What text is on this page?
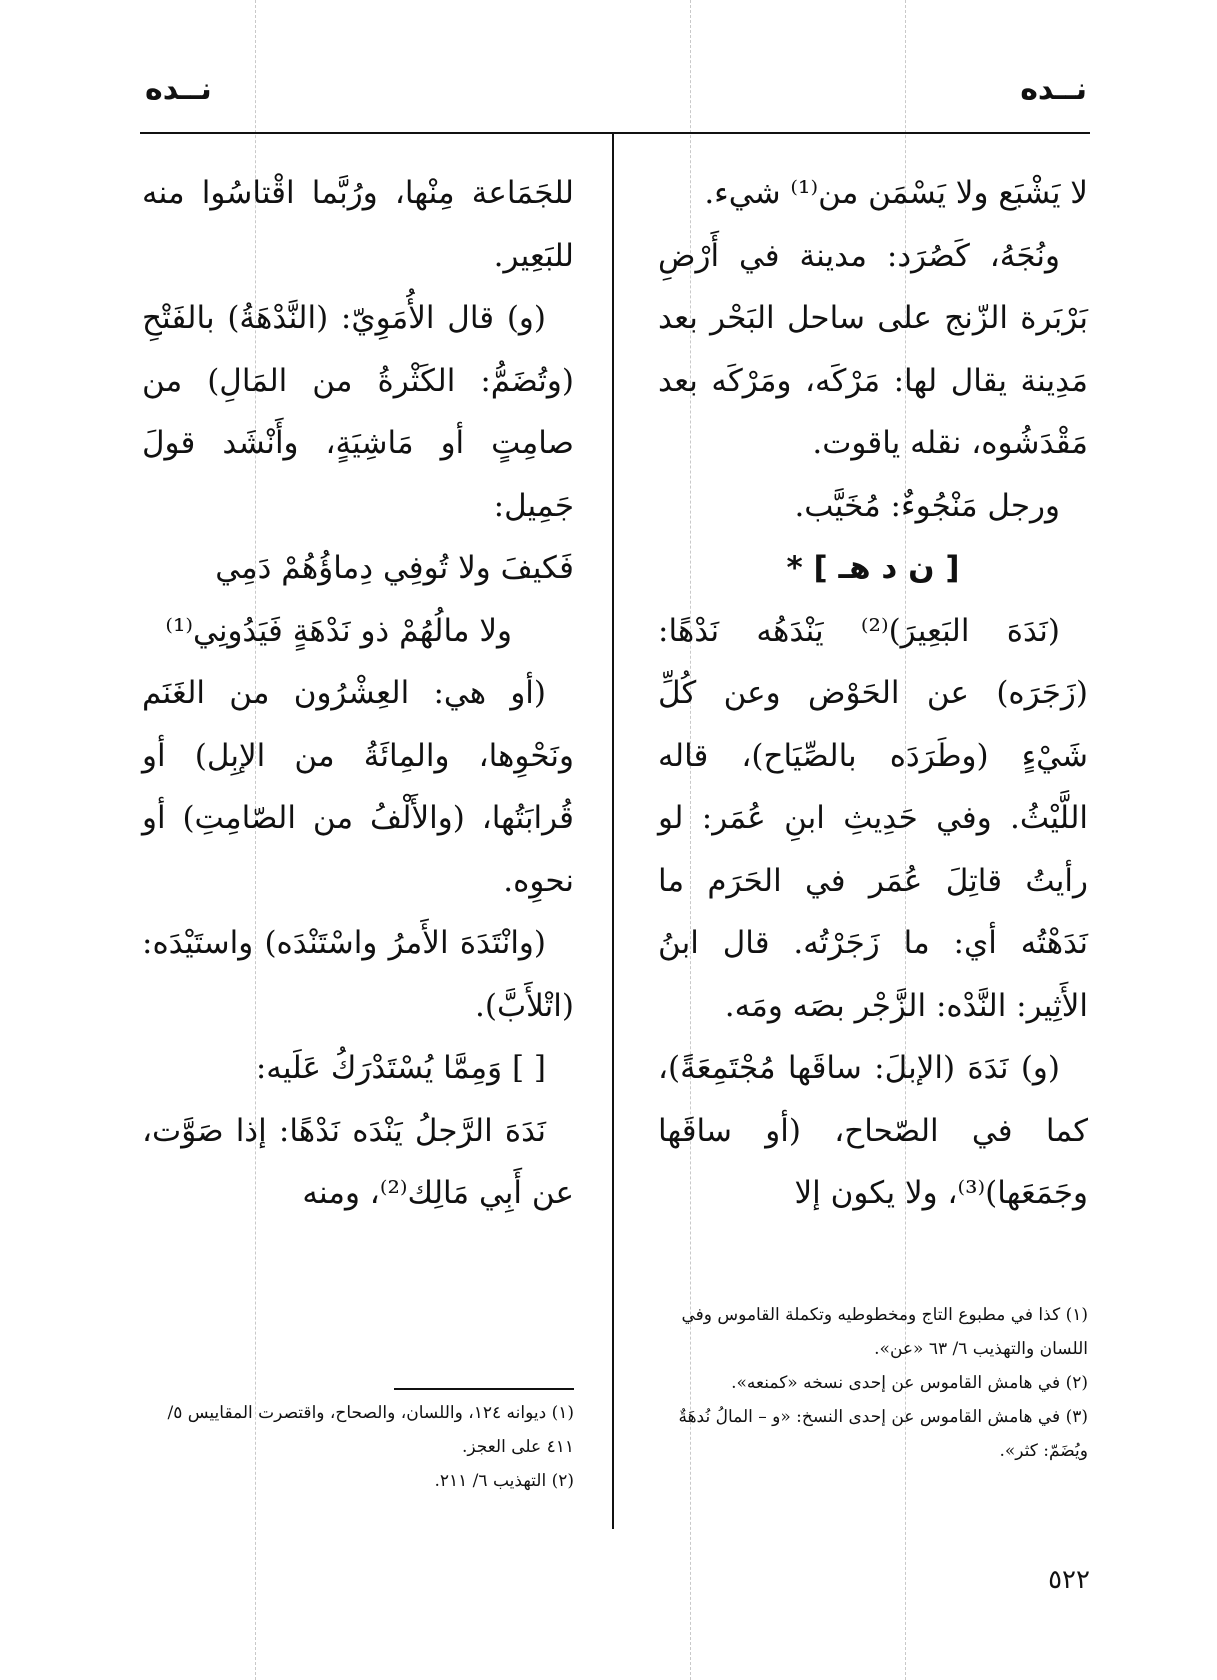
نــده
نــده

لا يَشْبَع ولا يَسْمَن من⁽¹⁾ شيء.

ونُجَهُ، كَصُرَد: مدينة في أَرْضِ بَرْبَرة الزّنج على ساحل البَحْر بعد مَدِينة يقال لها: مَرْكَه، ومَرْكَه بعد مَقْدَشُوه، نقله ياقوت.

ورجل مَنْجُوءٌ: مُخَيَّب.

[ ن د هـ ] *

(نَدَهَ البَعِيرَ)⁽²⁾ يَنْدَهُه نَدْهًا: (زَجَرَه) عن الحَوْض وعن كُلِّ شَيْءٍ (وطَرَدَه بالصِّيَاح)، قاله اللَّيْثُ. وفي حَدِيثِ ابنِ عُمَر: لو رأيتُ قاتِلَ عُمَر في الحَرَم ما نَدَهْتُه أي: ما زَجَرْتُه. قال ابنُ الأَثِير: النَّدْه: الزَّجْر بصَه ومَه.

(و) نَدَهَ (الإبلَ: ساقَها مُجْتَمِعَةً)، كما في الصّحاح، (أو ساقَها وجَمَعَها)⁽³⁾، ولا يكون إلا

للجَمَاعة مِنْها، ورُبَّما اقْتاسُوا منه للبَعِير.

(و) قال الأُمَوِيّ: (النَّدْهَةُ) بالفَتْحِ (وتُضَمُّ: الكَثْرةُ من المَالِ) من صامِتٍ أو مَاشِيَةٍ، وأَنْشَد قولَ جَمِيل:

فَكيفَ ولا تُوفِي دِماؤُهُمْ دَمِي

ولا مالُهُمْ ذو نَدْهَةٍ فَيَدُونِي⁽¹⁾

(أو هي: العِشْرُون من الغَنَم ونَحْوِها، والمِائَةُ من الإبِل) أو قُرابَتُها، (والأَلْفُ من الصّامِتِ) أو نحوِه.

(وانْتَدَهَ الأَمرُ واسْتَنْدَه) واستَيْدَه: (اتْلأَبَّ).

[ ] وَمِمَّا يُسْتَدْرَكُ عَلَيه:

نَدَهَ الرَّجلُ يَنْدَه نَدْهًا: إذا صَوَّت، عن أَبِي مَالِك⁽²⁾، ومنه

(١) كذا في مطبوع التاج ومخطوطيه وتكملة القاموس وفي اللسان والتهذيب ٦/ ٦٣ «عن».

(٢) في هامش القاموس عن إحدى نسخه «كمنعه».

(٣) في هامش القاموس عن إحدى النسخ: «و – المالُ نُدهَةٌ ويُضَمّ: كثر».

(١) ديوانه ١٢٤، واللسان، والصحاح، واقتصرت المقاييس ٥/ ٤١١ على العجز.

(٢) التهذيب ٦/ ٢١١.

٥٢٢
